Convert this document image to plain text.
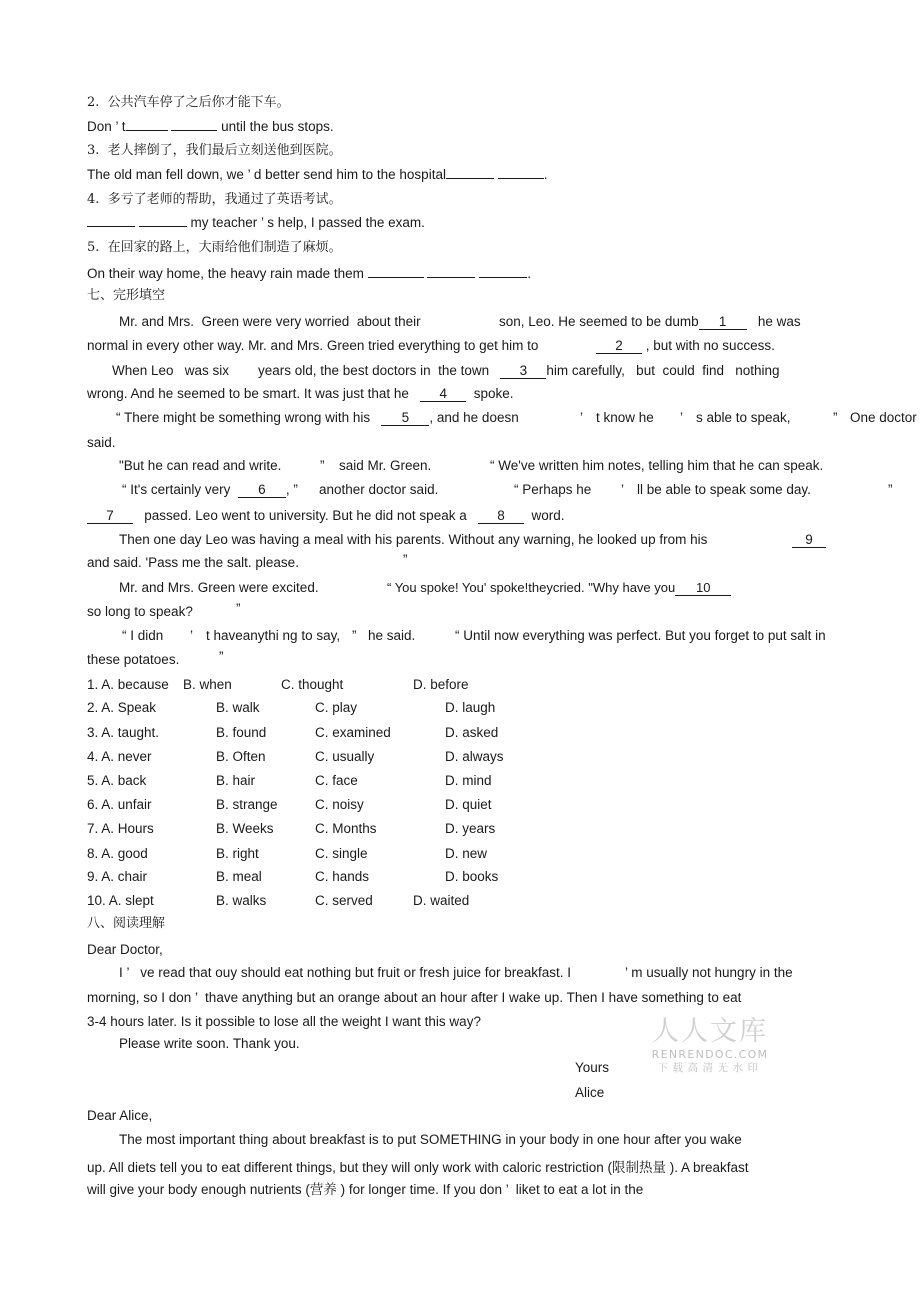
2.  公共汽车停了之后你才能下车。
Don ’ t	until the bus stops.
3.  老人摔倒了，我们最后立刻送他到医院。
The old man fell down, we ’ d better send him to the hospital	.
4.  多亏了老师的帮助，我通过了英语考试。
my teacher ’ s help, I passed the exam.
5.  在回家的路上，大雨给他们制造了麻烦。
On their way home, the heavy rain made them	.
七、完形填空
Mr. and Mrs.  Green were very worried  about their	son, Leo. He seemed to be dumb 1 he was
normal in every other way. Mr. and Mrs. Green tried everything to get him to	2 , but with no success.
When Leo   was six years old, the best doctors in  the town 3 him carefully,   but  could  find   nothing
wrong. And he seemed to be smart. It was just that he 4 spoke.
“ There might be something wrong with his 5 , and he doesn	’ t know he ’ s able to speak,	” One doctor
said.
"But he can read and write.	” said Mr. Green.	“ We've written him notes, telling him that he can speak.
“ It's certainly very 6 , ” another doctor said.	“ Perhaps he ’ ll be able to speak some day.	”
7 passed. Leo went to university. But he did not speak a 8 word.
Then one day Leo was having a meal with his parents. Without any warning, he looked up from his	9
and said. 'Pass me the salt. please.	”
Mr. and Mrs. Green were excited.	“ You spoke! You' spoke!theycried. "Why have you 10
so long to speak?	”
“ I didn ’ t haveanythi ng to say, ” he said.	“ Until now everything was perfect. But you forget to put salt in
these potatoes.	”
1. A. because B. when	C. thought	D. before
2. A. Speak	B. walk	C. play	D. laugh
3. A. taught.	B. found	C. examined	D. asked
4. A. never	B. Often	C. usually	D. always
5. A. back	B. hair	C. face	D. mind
6. A. unfair	B. strange	C. noisy	D. quiet
7. A. Hours	B. Weeks	C. Months	D. years
8. A. good	B. right	C. single	D. new
9. A. chair	B. meal	C. hands	D. books
10. A. slept	B. walks	C. served	D. waited
八、阅读理解
Dear Doctor,
I ’   ve read that ouy should eat nothing but fruit or fresh juice for breakfast. I	’ m usually not hungry in the
morning, so I don ’  thave anything but an orange about an hour after I wake up. Then I have something to eat
3-4 hours later. Is it possible to lose all the weight I want this way?
Please write soon. Thank you.
Yours
Alice
Dear Alice,
The most important thing about breakfast is to put SOMETHING in your body in one hour after you wake
up. All diets tell you to eat different things, but they will only work with caloric restriction (限制热量 ). A breakfast
will give your body enough nutrients (营养 ) for longer time. If you don ’  liket to eat a lot in the
人人文库
RENRENDOC.COM
下载高清无水印
